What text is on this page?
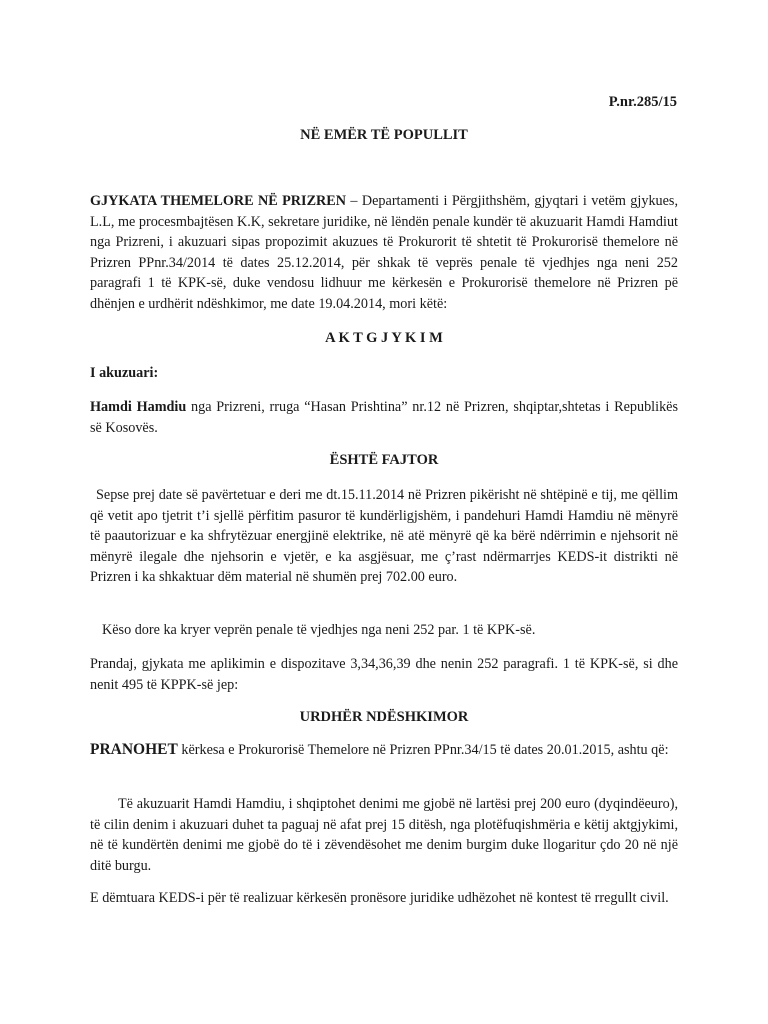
P.nr.285/15
NË EMËR TË POPULLIT
GJYKATA THEMELORE NË PRIZREN – Departamenti i Përgjithshëm, gjyqtari i vetëm gjykues, L.L, me procesmbajtësen K.K, sekretare juridike, në lëndën penale kundër të akuzuarit Hamdi Hamdiut nga Prizreni, i akuzuari sipas propozimit akuzues të Prokurorit të shtetit të Prokurorisë themelore në Prizren PPnr.34/2014 të dates 25.12.2014, për shkak të veprës penale të vjedhjes nga neni 252 paragrafi 1 të KPK-së, duke vendosu lidhuur me kërkesën e Prokurorisë themelore në Prizren pë dhënjen e urdhërit ndëshkimor, me date 19.04.2014, mori këtë:
A K T G J Y K I M
I akuzuari:
Hamdi Hamdiu nga Prizreni, rruga “Hasan Prishtina” nr.12 në Prizren, shqiptar,shtetas i Republikës së Kosovës.
ËSHTË FAJTOR
Sepse prej date së pavërtetuar e deri me dt.15.11.2014 në Prizren pikërisht në shtëpinë e tij, me qëllim që vetit apo tjetrit t’i sjellë përfitim pasuror të kundërligjshëm, i pandehuri Hamdi Hamdiu në mënyrë të paautorizuar e ka shfrytëzuar energjinë elektrike, në atë mënyrë që ka bërë ndërrimin e njehsorit në mënyrë ilegale dhe njehsorin e vjetër, e ka asgjësuar, me ç’rast ndërmarrjes KEDS-it distrikti në Prizren i ka shkaktuar dëm material në shumën prej 702.00 euro.
Këso dore ka kryer veprën penale të vjedhjes nga neni 252 par. 1 të KPK-së.
Prandaj, gjykata me aplikimin e dispozitave 3,34,36,39 dhe nenin 252 paragrafi. 1 të KPK-së, si dhe nenit 495 të KPPK-së jep:
URDHËR NDËSHKIMOR
PRANOHET kërkesa e Prokurorisë Themelore në Prizren PPnr.34/15 të dates 20.01.2015, ashtu që:
Të akuzuarit Hamdi Hamdiu, i shqiptohet denimi me gjobë në lartësi prej 200 euro (dyqindëeuro), të cilin denim i akuzuari duhet ta paguaj në afat prej 15 ditësh, nga plotëfuqishmëria e këtij aktgjykimi, në të kundërtën denimi me gjobë do të i zëvendësohet me denim burgim duke llogaritur çdo 20 në një ditë burgu.
E dëmtuara KEDS-i për të realizuar kërkesën pronësore juridike udhëzohet në kontest të rregullt civil.
